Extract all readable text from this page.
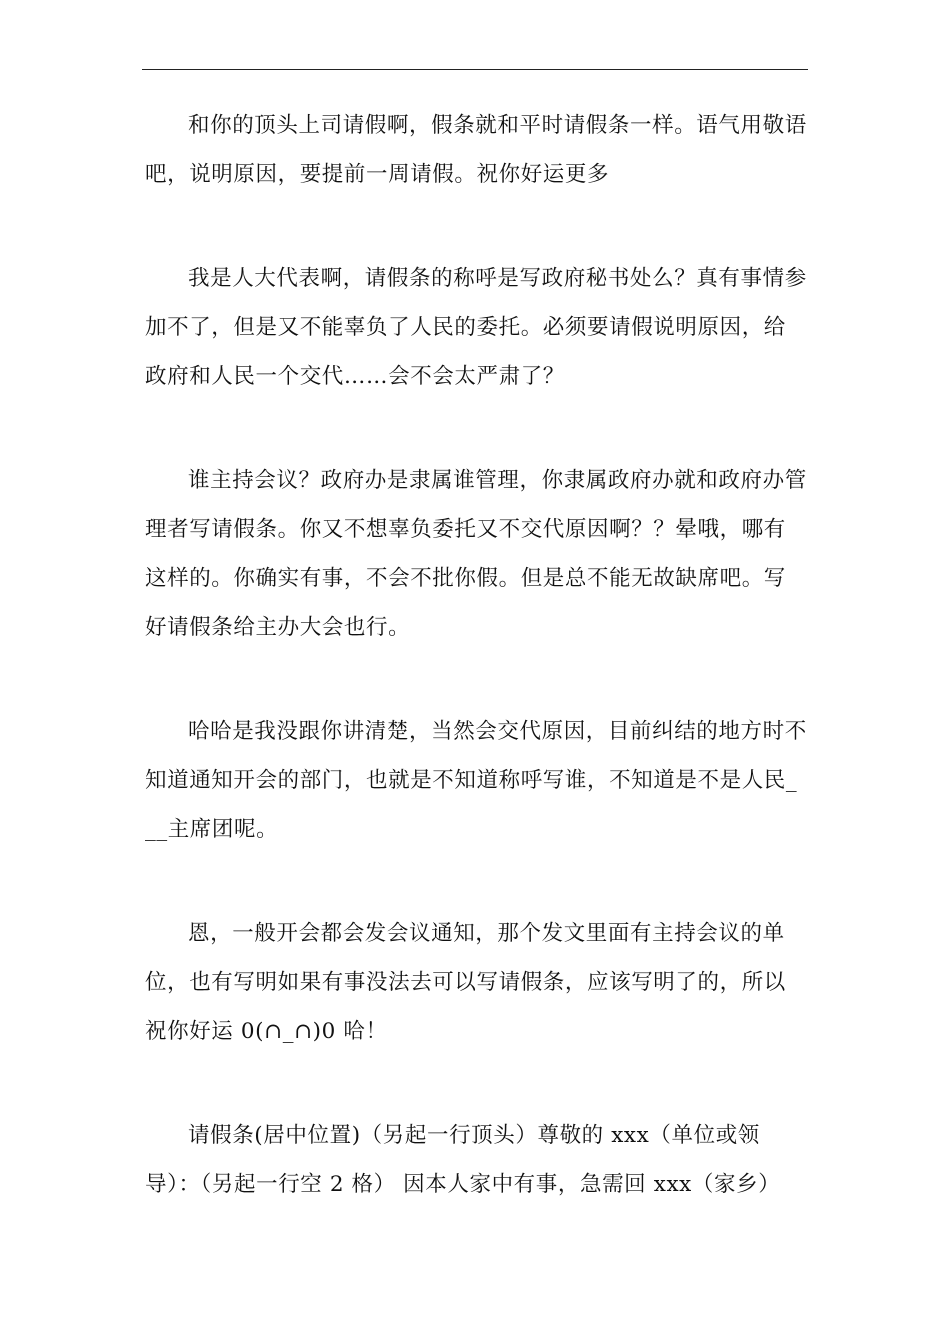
和你的顶头上司请假啊，假条就和平时请假条一样。语气用敬语吧，说明原因，要提前一周请假。祝你好运更多

我是人大代表啊，请假条的称呼是写政府秘书处么？真有事情参加不了，但是又不能辜负了人民的委托。必须要请假说明原因，给政府和人民一个交代……会不会太严肃了？

谁主持会议？政府办是隶属谁管理，你隶属政府办就和政府办管理者写请假条。你又不想辜负委托又不交代原因啊？？晕哦，哪有这样的。你确实有事，不会不批你假。但是总不能无故缺席吧。写好请假条给主办大会也行。

哈哈是我没跟你讲清楚，当然会交代原因，目前纠结的地方时不知道通知开会的部门，也就是不知道称呼写谁，不知道是不是人民___主席团呢。

恩，一般开会都会发会议通知，那个发文里面有主持会议的单位，也有写明如果有事没法去可以写请假条，应该写明了的，所以祝你好运 0(∩_∩)0 哈！

请假条(居中位置)（另起一行顶头）尊敬的 xxx（单位或领导）：（另起一行空 2 格） 因本人家中有事，急需回 xxx（家乡）
